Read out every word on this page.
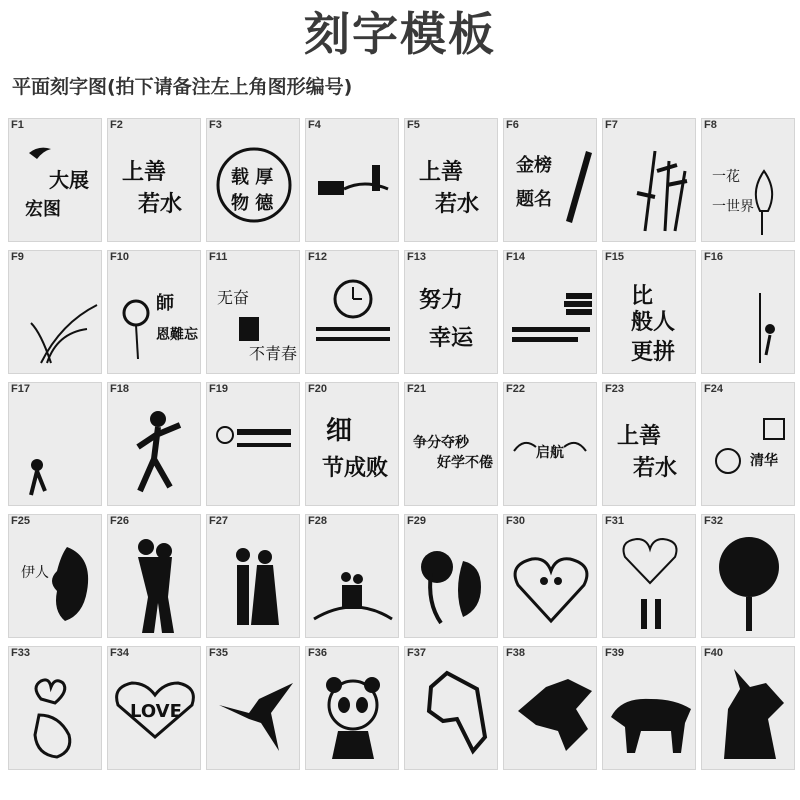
刻字模板
平面刻字图(拍下请备注左上角图形编号)
F1
大展
宏图
F2
上善
若水
F3
载 厚
物 德
F4	F5
上善
若水
F6
金榜
题名
F7	F8
一花
一世界
F9	F10
師
恩難忘
F11
无奋
不青春
F12	F13
努力
幸运
F14	F15
比
般人
更拼
F16
F17	F18	F19	F20
细
节成败
F21
争分夺秒
好学不倦
F22
启航
F23
上善
若水
F24
清华
F25
伊人
F26	F27	F28	F29	F30	F31	F32
F33	F34
LOVE
F35	F36	F37	F38	F39	F40
